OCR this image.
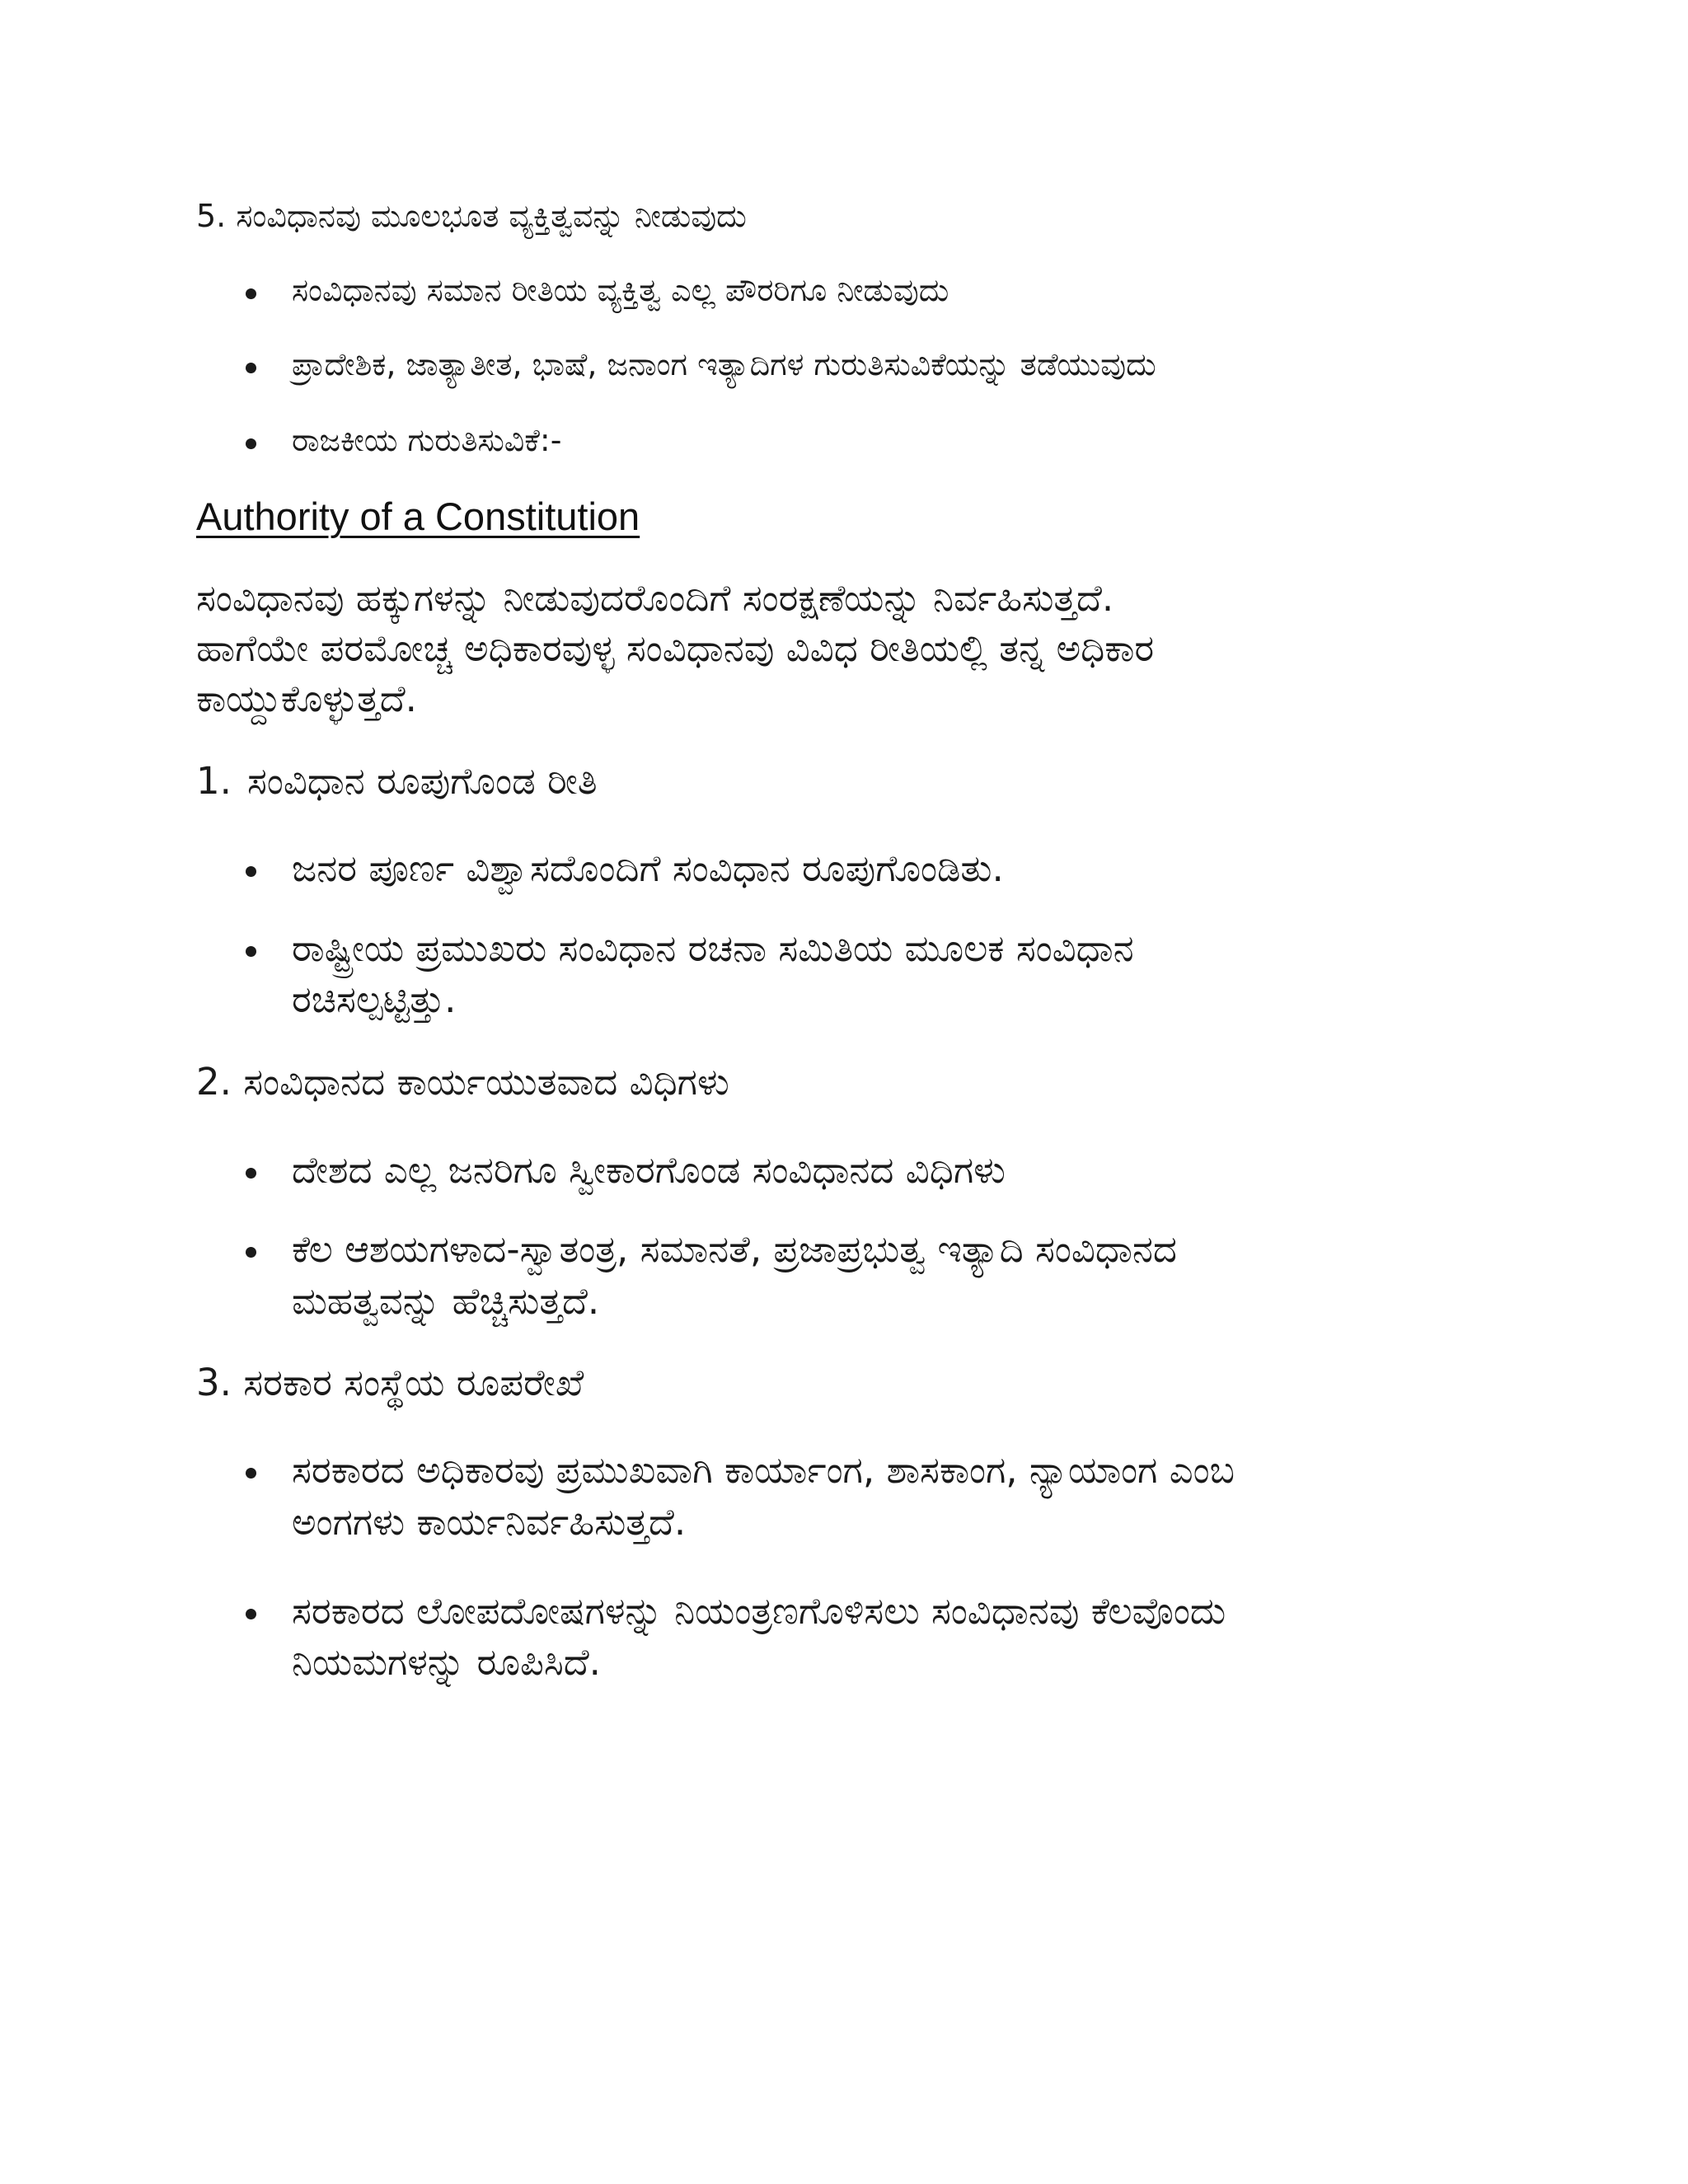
5. ಸಂವಿಧಾನವು ಮೂಲಭೂತ ವ್ಯಕ್ತಿತ್ವವನ್ನು ನೀಡುವುದು
ಸಂವಿಧಾನವು ಸಮಾನ ರೀತಿಯ ವ್ಯಕ್ತಿತ್ವ ಎಲ್ಲ ಪೌರರಿಗೂ ನೀಡುವುದು
ಪ್ರಾದೇಶಿಕ, ಜಾತ್ಯಾತೀತ, ಭಾಷೆ, ಜನಾಂಗ ಇತ್ಯಾದಿಗಳ ಗುರುತಿಸುವಿಕೆಯನ್ನು ತಡೆಯುವುದು
ರಾಜಕೀಯ ಗುರುತಿಸುವಿಕೆ:-
Authority of a Constitution
ಸಂವಿಧಾನವು ಹಕ್ಕುಗಳನ್ನು ನೀಡುವುದರೊಂದಿಗೆ ಸಂರಕ್ಷಣೆಯನ್ನು ನಿರ್ವಹಿಸುತ್ತದೆ.
ಹಾಗೆಯೇ ಪರಮೋಚ್ಚ ಅಧಿಕಾರವುಳ್ಳ ಸಂವಿಧಾನವು ವಿವಿಧ ರೀತಿಯಲ್ಲಿ ತನ್ನ ಅಧಿಕಾರ
ಕಾಯ್ದುಕೊಳ್ಳುತ್ತದೆ.
1. ಸಂವಿಧಾನ ರೂಪುಗೊಂಡ ರೀತಿ
ಜನರ ಪೂರ್ಣ ವಿಶ್ವಾಸದೊಂದಿಗೆ ಸಂವಿಧಾನ ರೂಪುಗೊಂಡಿತು.
ರಾಷ್ಟ್ರೀಯ ಪ್ರಮುಖರು ಸಂವಿಧಾನ ರಚನಾ ಸಮಿತಿಯ ಮೂಲಕ ಸಂವಿಧಾನ
ರಚಿಸಲ್ಪಟ್ಟಿತ್ತು.
2. ಸಂವಿಧಾನದ ಕಾರ್ಯಯುತವಾದ ವಿಧಿಗಳು
ದೇಶದ ಎಲ್ಲ ಜನರಿಗೂ ಸ್ವೀಕಾರಗೊಂಡ ಸಂವಿಧಾನದ ವಿಧಿಗಳು
ಕೆಲ ಆಶಯಗಳಾದ-ಸ್ವಾತಂತ್ರ, ಸಮಾನತೆ, ಪ್ರಜಾಪ್ರಭುತ್ವ ಇತ್ಯಾದಿ ಸಂವಿಧಾನದ
ಮಹತ್ವವನ್ನು ಹೆಚ್ಚಿಸುತ್ತದೆ.
3. ಸರಕಾರ ಸಂಸ್ಥೆಯ ರೂಪರೇಖೆ
ಸರಕಾರದ ಅಧಿಕಾರವು ಪ್ರಮುಖವಾಗಿ ಕಾರ್ಯಾಂಗ, ಶಾಸಕಾಂಗ, ನ್ಯಾಯಾಂಗ ಎಂಬ
ಅಂಗಗಳು ಕಾರ್ಯನಿರ್ವಹಿಸುತ್ತದೆ.
ಸರಕಾರದ ಲೋಪದೋಷಗಳನ್ನು ನಿಯಂತ್ರಣಗೊಳಿಸಲು ಸಂವಿಧಾನವು ಕೆಲವೊಂದು
ನಿಯಮಗಳನ್ನು ರೂಪಿಸಿದೆ.
